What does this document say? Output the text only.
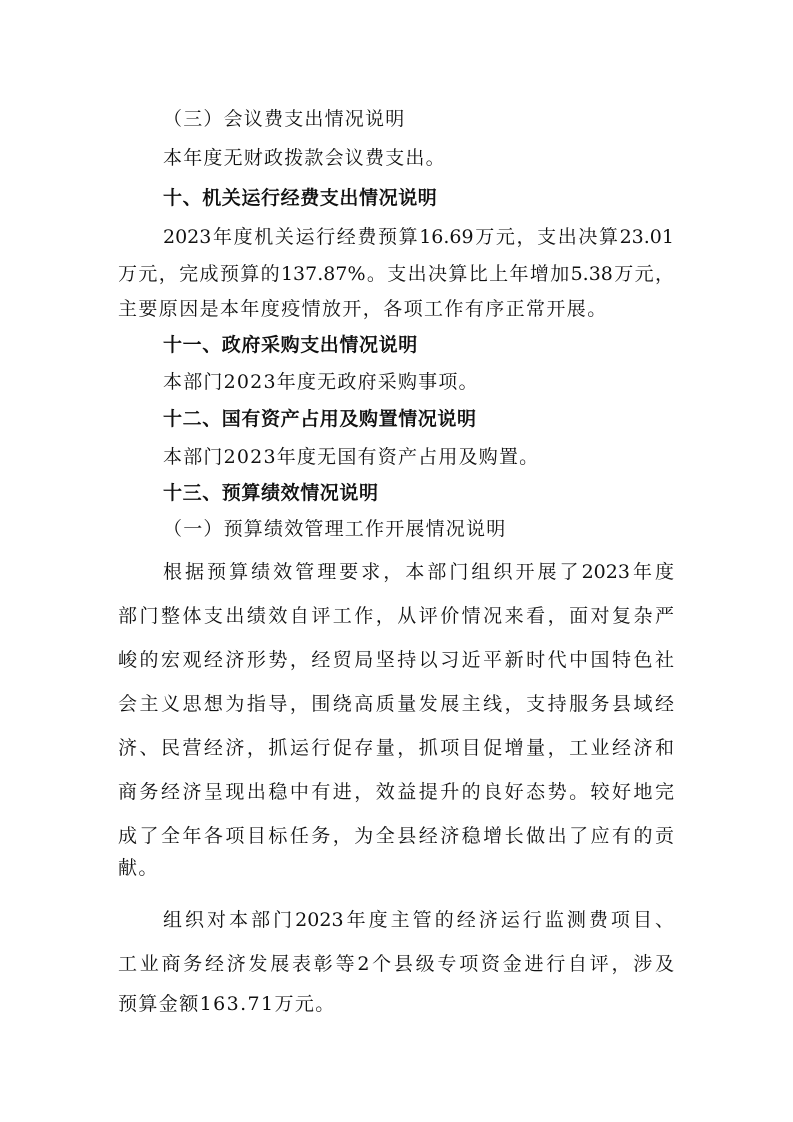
（三）会议费支出情况说明
本年度无财政拨款会议费支出。
十、机关运行经费支出情况说明
2023年度机关运行经费预算16.69万元，支出决算23.01
万元，完成预算的137.87%。支出决算比上年增加5.38万元，
主要原因是本年度疫情放开，各项工作有序正常开展。
十一、政府采购支出情况说明
本部门2023年度无政府采购事项。
十二、国有资产占用及购置情况说明
本部门2023年度无国有资产占用及购置。
十三、预算绩效情况说明
（一）预算绩效管理工作开展情况说明
根据预算绩效管理要求，本部门组织开展了2023年度
部门整体支出绩效自评工作，从评价情况来看，面对复杂严
峻的宏观经济形势，经贸局坚持以习近平新时代中国特色社
会主义思想为指导，围绕高质量发展主线，支持服务县域经
济、民营经济，抓运行促存量，抓项目促增量，工业经济和
商务经济呈现出稳中有进，效益提升的良好态势。较好地完
成了全年各项目标任务，为全县经济稳增长做出了应有的贡
献。
组织对本部门2023年度主管的经济运行监测费项目、
工业商务经济发展表彰等2个县级专项资金进行自评，涉及
预算金额163.71万元。
